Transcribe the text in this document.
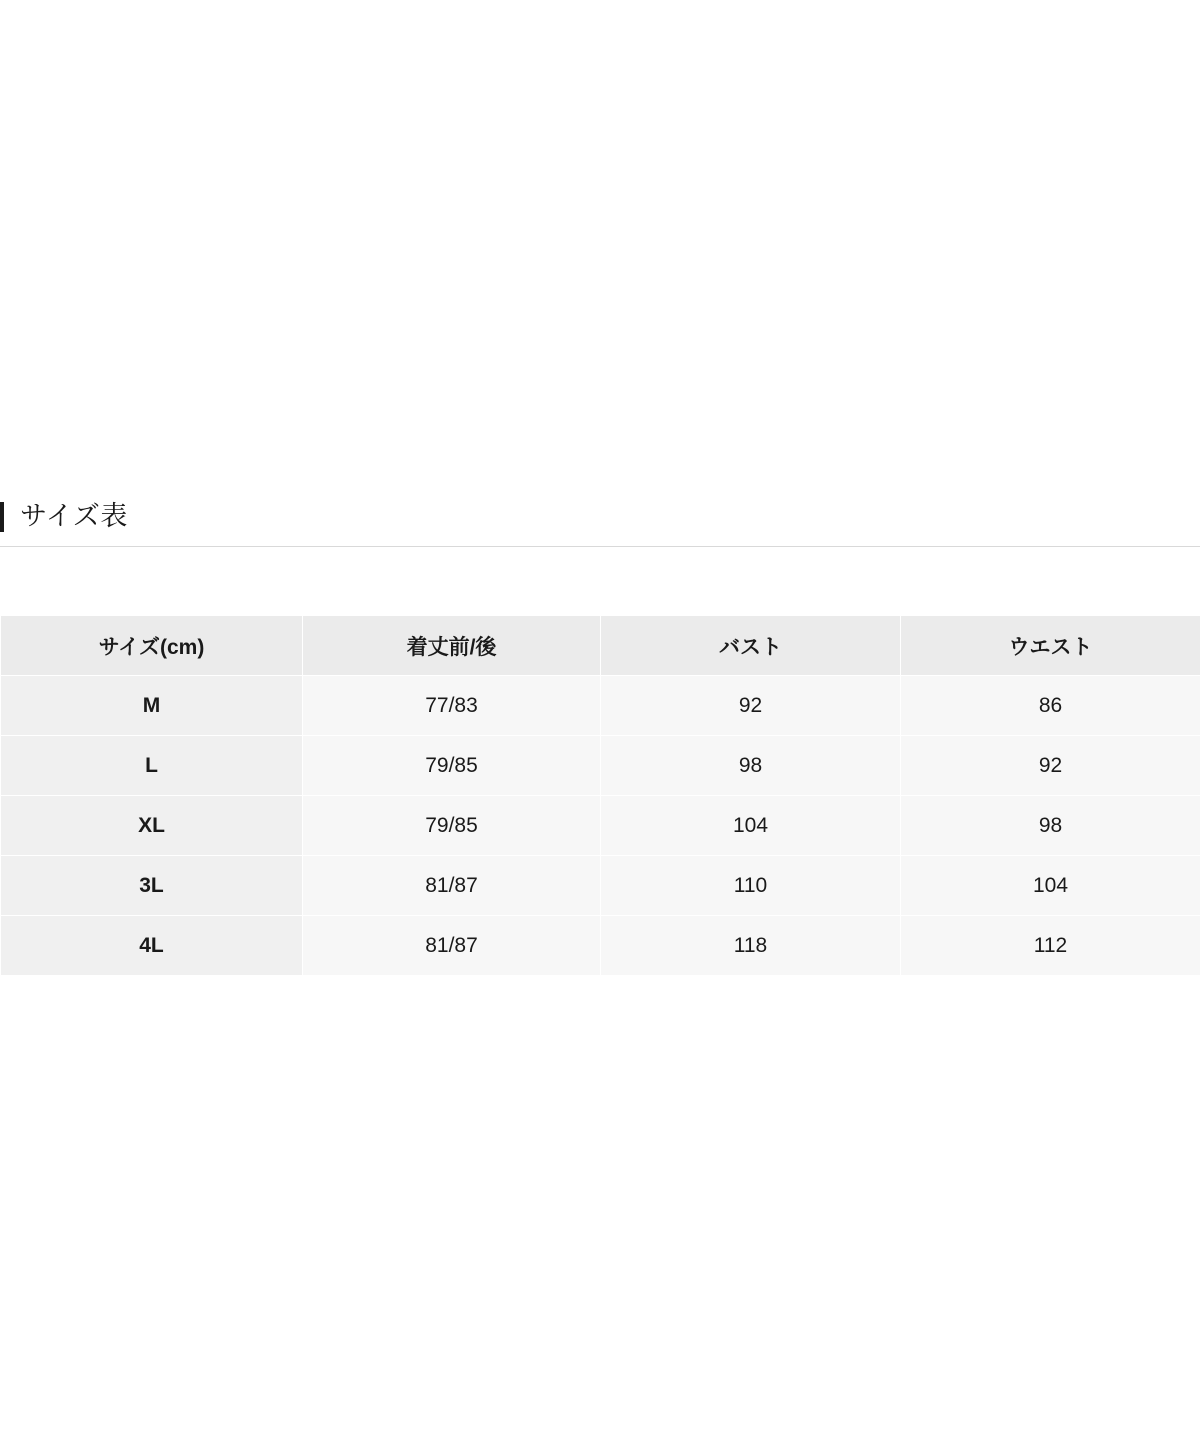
サイズ表
サイズ(cm)	着丈前/後	バスト	ウエスト
M	77/83	92	86
L	79/85	98	92
XL	79/85	104	98
3L	81/87	110	104
4L	81/87	118	112
